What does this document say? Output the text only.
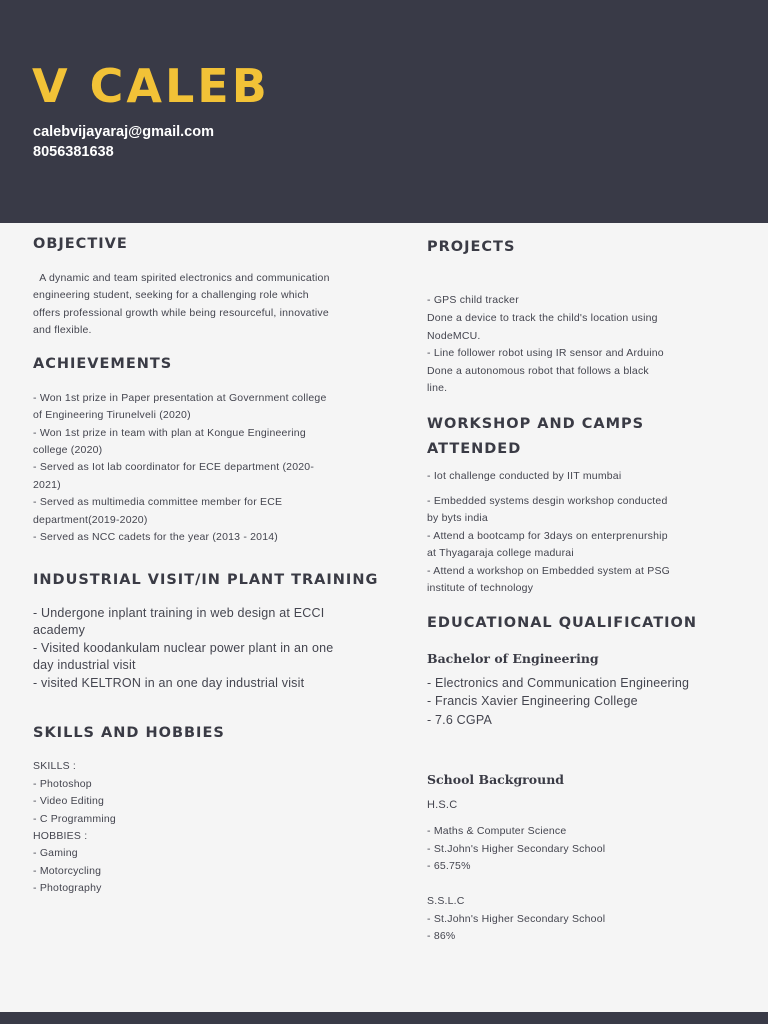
V CALEB
calebvijayaraj@gmail.com
8056381638
OBJECTIVE
A dynamic and team spirited electronics and communication
engineering student, seeking for a challenging role which
offers professional growth while being resourceful, innovative
and flexible.
ACHIEVEMENTS
- Won 1st prize in Paper presentation at Government college
of Engineering Tirunelveli (2020)
- Won 1st prize in team with plan at Kongue Engineering
college (2020)
- Served as Iot lab coordinator for ECE department (2020-
2021)
- Served as multimedia committee member for ECE
department(2019-2020)
- Served as NCC cadets for the year (2013 - 2014)
INDUSTRIAL VISIT/IN PLANT TRAINING
- Undergone inplant training in web design at ECCI
academy
- Visited koodankulam nuclear power plant in an one
day industrial visit
- visited KELTRON in an one day industrial visit
SKILLS AND HOBBIES
SKILLS :
- Photoshop
- Video Editing
- C Programming
HOBBIES :
- Gaming
- Motorcycling
- Photography
PROJECTS
- GPS child tracker
Done a device to track the child's location using
NodeMCU.
- Line follower robot using IR sensor and Arduino
Done a autonomous robot that follows a black
line.
WORKSHOP AND CAMPS
ATTENDED
- Iot challenge conducted by IIT mumbai
- Embedded systems desgin workshop conducted
by byts india
- Attend a bootcamp for 3days on enterprenurship
at Thyagaraja college madurai
- Attend a workshop on Embedded system at PSG
institute of technology
EDUCATIONAL QUALIFICATION
Bachelor of Engineering
- Electronics and Communication Engineering
- Francis Xavier Engineering College
- 7.6 CGPA
School Background
H.S.C
- Maths & Computer Science
- St.John's Higher Secondary School
- 65.75%
S.S.L.C
- St.John's Higher Secondary School
- 86%
